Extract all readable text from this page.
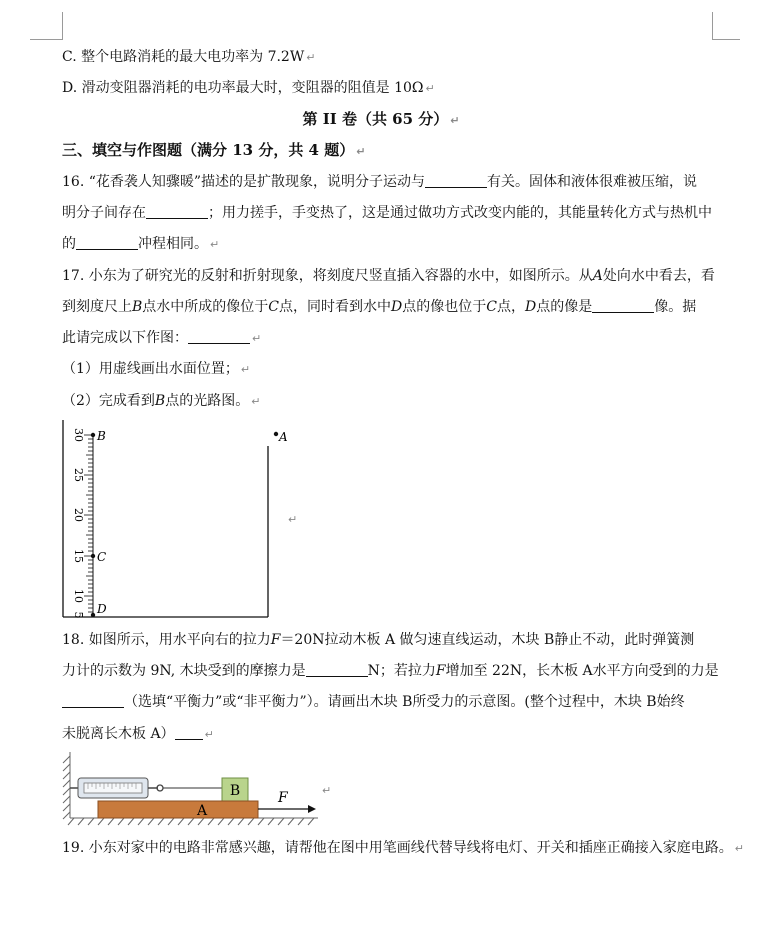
C. 整个电路消耗的最大电功率为 7.2W ↵
D. 滑动变阻器消耗的电功率最大时，变阻器的阻值是 10Ω ↵
第 II 卷（共 65 分） ↵
三、填空与作图题（满分 13 分，共 4 题） ↵
16. “花香袭人知骤暖”描述的是扩散现象，说明分子运动与	有关。固体和液体很难被压缩，说
明分子间存在	；用力搓手，手变热了，这是通过做功方式改变内能的，其能量转化方式与热机中
的	冲程相同。 ↵
17. 小东为了研究光的反射和折射现象，将刻度尺竖直插入容器的水中，如图所示。从A处向水中看去，看
到刻度尺上B点水中所成的像位于C点，同时看到水中D点的像也位于C点，D点的像是	像。据
此请完成以下作图：	↵
（1）用虚线画出水面位置； ↵
（2）完成看到B点的光路图。 ↵
30
25
20
15
10
5
B	A
C
D
↵
18. 如图所示，用水平向右的拉力F＝20N拉动木板 A 做匀速直线运动，木块 B静止不动，此时弹簧测
力计的示数为 9N, 木块受到的摩擦力是	N；若拉力F增加至 22N，长木板 A水平方向受到的力是
（选填“平衡力”或“非平衡力”）。请画出木块 B所受力的示意图。(整个过程中，木块 B始终
未脱离长木板 A）	↵
B
A
F	↵
19. 小东对家中的电路非常感兴趣，请帮他在图中用笔画线代替导线将电灯、开关和插座正确接入家庭电路。 ↵
